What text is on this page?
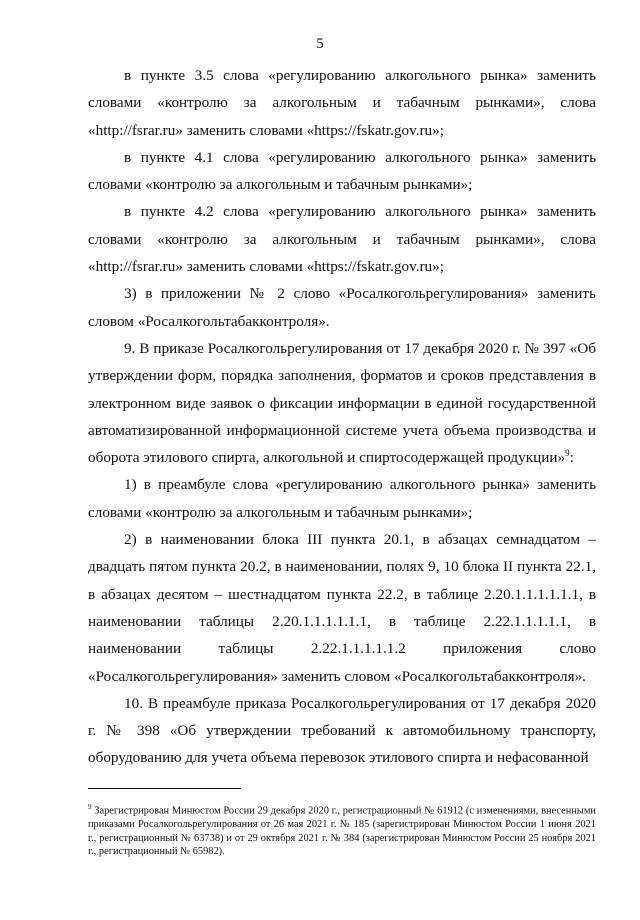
5

в пункте 3.5 слова «регулированию алкогольного рынка» заменить словами «контролю за алкогольным и табачным рынками», слова «http://fsrar.ru» заменить словами «https://fskatr.gov.ru»;

в пункте 4.1 слова «регулированию алкогольного рынка» заменить словами «контролю за алкогольным и табачным рынками»;

в пункте 4.2 слова «регулированию алкогольного рынка» заменить словами «контролю за алкогольным и табачным рынками», слова «http://fsrar.ru» заменить словами «https://fskatr.gov.ru»;

3) в приложении № 2 слово «Росалкогольрегулирования» заменить словом «Росалкогольтабакконтроля».

9. В приказе Росалкогольрегулирования от 17 декабря 2020 г. № 397 «Об утверждении форм, порядка заполнения, форматов и сроков представления в электронном виде заявок о фиксации информации в единой государственной автоматизированной информационной системе учета объема производства и оборота этилового спирта, алкогольной и спиртосодержащей продукции»$^9$:

1) в преамбуле слова «регулированию алкогольного рынка» заменить словами «контролю за алкогольным и табачным рынками»;

2) в наименовании блока III пункта 20.1, в абзацах семнадцатом – двадцать пятом пункта 20.2, в наименовании, полях 9, 10 блока II пункта 22.1, в абзацах десятом – шестнадцатом пункта 22.2, в таблице 2.20.1.1.1.1.1.1, в наименовании таблицы 2.20.1.1.1.1.1.1, в таблице 2.22.1.1.1.1.1, в наименовании таблицы 2.22.1.1.1.1.1.2 приложения слово «Росалкогольрегулирования» заменить словом «Росалкогольтабакконтроля».

10. В преамбуле приказа Росалкогольрегулирования от 17 декабря 2020 г. № 398 «Об утверждении требований к автомобильному транспорту, оборудованию для учета объема перевозок этилового спирта и нефасованной

$^9$ Зарегистрирован Минюстом России 29 декабря 2020 г., регистрационный № 61912 (с изменениями, внесенными приказами Росалкогольрегулирования от 26 мая 2021 г. № 185 (зарегистрирован Минюстом России 1 июня 2021 г., регистрационный № 63738) и от 29 октября 2021 г. № 384 (зарегистрирован Минюстом России 25 ноября 2021 г., регистрационный № 65982).
